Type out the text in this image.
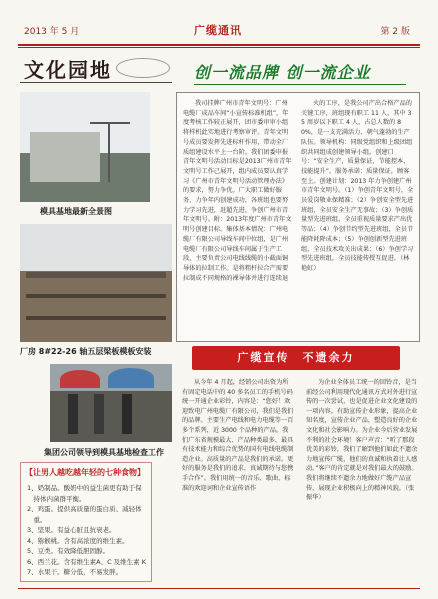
2013 年 5 月	广缆通讯	第 2 版
文化园地
模具基地最新全景图
厂房 8#22-26 轴五层梁板模板安装
集团公司领导到模具基地检查工作
【让男人越吃越年轻的七种食物】
1、奶制品。酸奶中的益生菌更有助于保
　持体内菌群平衡。
2、鸡蛋。提供高质量的蛋白质、减轻体
　重。
3、坚果。有益心脏且抗衰老。
4、猕猴桃。含有高浓度的维生素。
5、豆类。有效降低胆固醇。
6、西兰花。含有维生素A、C 及维生素 K
7、水果干。糖分低，不易发胖。
创一流品牌 创一流企业

我司挂牌广州市青年文明号：广州电缆厂成品车间“小宣传标准机组”，年度考核工作较正展开，团市委审审小组将样机此实地进行考察审评。青年文明号成员要发挥先进标杆作用，带动全厂质组建设水平上一台阶。我们团委申报青年文明号活动目标是2013广州市青年文明号工作己展开，组内成员要认真学习《广州市青年文明号活动管理办法》的要求，努力争优。广大职工做好服务，力争年内创建成功，各班组也要努力学习先进，赶超先进，争创广州市青年文明号。附：2013年度广州市青年文明号创建目标。集体基本情况：广州电缆厂有限公司导线车间中位组，是广州电缆厂有限公司导线车间属于生产工段，主要负责公司电线线缆的小截面铜导体的拉制工作。是将粗杆拉合产需要拉制成不同规格的裸导体并进行连续退

火的工序，是我公司产出合格产品的关键工序，班组现有职工 11 人，其中 35 周岁以下职工 4 人，占总人数的 80%，是一支充满活力、朝气蓬勃的生产队伍。领导机构：同级党组织和上级团组织共同组成创建领导小组。创建口号：“安全生产，质量保证，节能控本，技能提升”。服务承诺：质量保证，顾客至上。创建计划：2013 年力争创建广州市青年文明号。（1）争创青年文明号，全员爱岗敬业保精准；（2）争创安全型先进班组，全员安全生产无事故；（3）争创质量型先进班组，全员重视质量要求产出优等品；（4）争创节约型先进班组，全员节能降耗降成本；（5）争创创新型先进班组，全员技术攻关出成果；（6）争创学习型先进班组，全员技能传授互促进。（林艳虹）

广缆宣传　不遗余力

从今年 4 月起，经销公司出资为所有固定电话中的 40 多名员工的手机号码统一开通企业彩铃，内容是：“您好！欢迎致电广州电缆厂有限公司，我们是我们的品牌。主要生产电线和电力电缆等一百多个系列，近 3000 个品种的产品。我们广东省规模最大、产品种类最多、最具有技术能力和综合优势的国有电线电缆制造企业。高质量的产品是我们的承诺。更好的服务是我们的追求，真诚期待与您携手合作”。我们用统一的音乐、歌曲、标准的欢迎词和企业宣传语作

为企业全体员工统一的回铃音，是当前经公司利用现代化通讯方式对外进行宣传的一次尝试，也是促进企业文化建设的一项内容。有助宣传企业形象，提高企业知名度，宣传企业产品，塑造良好的企业文化和社会影响力。为企业今后营业发展不利的社会环境！客户声音：“听了那段优美的彩铃，我们了解到他们如此不遗余力地宣传广缆，他们的真诚和执着让人感动。”客户的肯定就是对我们最大的鼓励。我们将继续不遗余力地做好广缆产品宣传，展现企业积极向上的精神风貌。（张振华）
